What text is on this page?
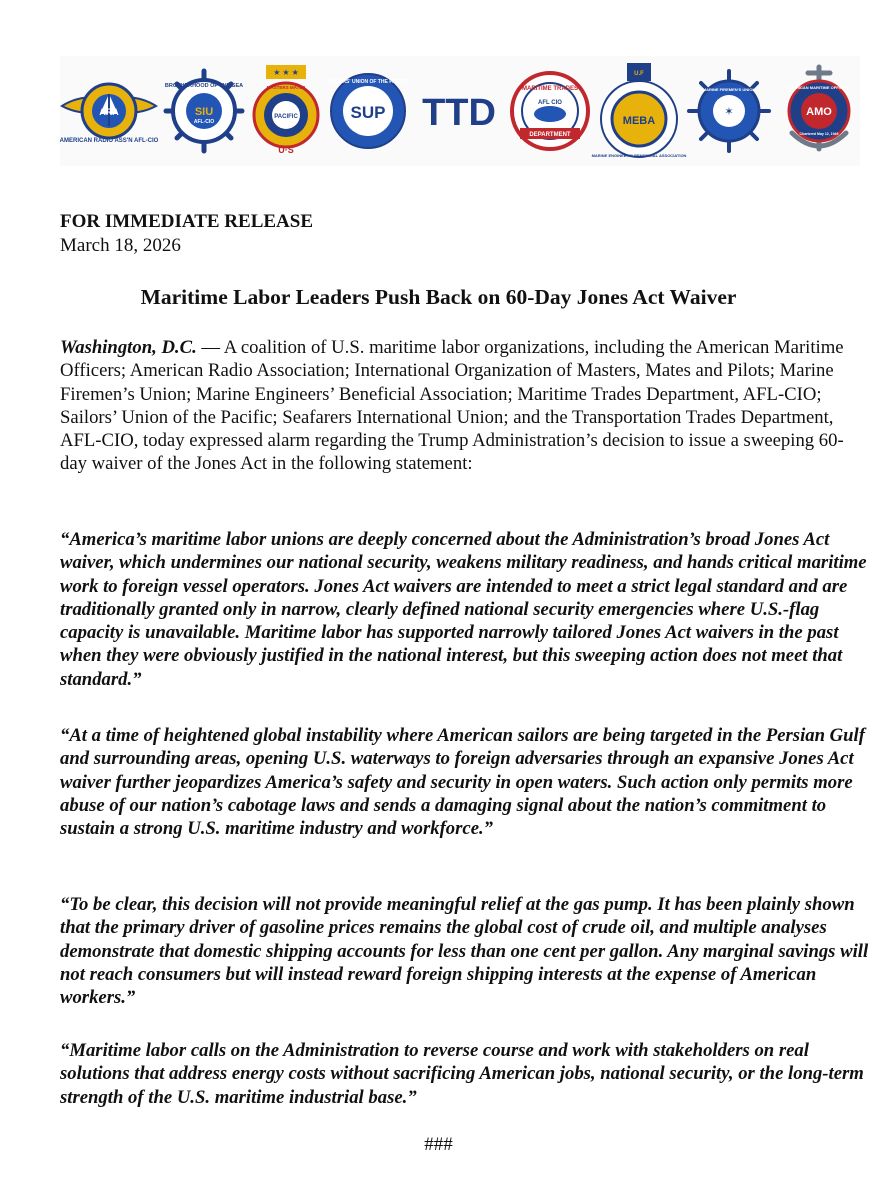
AMERICAN RADIO ASS'N AFL-CIO
ARA
BROTHERHOOD OF THE SEA
SIU
AFL-CIO
★ ★ ★
PACIFIC
MASTERS MATES
U·S
SUP
SAILORS' UNION OF THE PACIFIC
TTD
MARITIME TRADES
AFL CIO
DEPARTMENT
U.F
MEBA
MARINE ENGINEERS' BENEFICIAL ASSOCIATION
✶
MARINE FIREMEN'S UNION
AMO
AMERICAN MARITIME OFFICERS
Chartered May 12, 1949
FOR IMMEDIATE RELEASE
March 18, 2026
Maritime Labor Leaders Push Back on 60-Day Jones Act Waiver
Washington, D.C. — A coalition of U.S. maritime labor organizations, including the American Maritime Officers; American Radio Association; International Organization of Masters, Mates and Pilots; Marine Firemen’s Union; Marine Engineers’ Beneficial Association; Maritime Trades Department, AFL-CIO; Sailors’ Union of the Pacific; Seafarers International Union; and the Transportation Trades Department, AFL-CIO, today expressed alarm regarding the Trump Administration’s decision to issue a sweeping 60-day waiver of the Jones Act in the following statement:
“America’s maritime labor unions are deeply concerned about the Administration’s broad Jones Act waiver, which undermines our national security, weakens military readiness, and hands critical maritime work to foreign vessel operators. Jones Act waivers are intended to meet a strict legal standard and are traditionally granted only in narrow, clearly defined national security emergencies where U.S.-flag capacity is unavailable. Maritime labor has supported narrowly tailored Jones Act waivers in the past when they were obviously justified in the national interest, but this sweeping action does not meet that standard.”
“At a time of heightened global instability where American sailors are being targeted in the Persian Gulf and surrounding areas, opening U.S. waterways to foreign adversaries through an expansive Jones Act waiver further jeopardizes America’s safety and security in open waters. Such action only permits more abuse of our nation’s cabotage laws and sends a damaging signal about the nation’s commitment to sustain a strong U.S. maritime industry and workforce.”
“To be clear, this decision will not provide meaningful relief at the gas pump. It has been plainly shown that the primary driver of gasoline prices remains the global cost of crude oil, and multiple analyses demonstrate that domestic shipping accounts for less than one cent per gallon. Any marginal savings will not reach consumers but will instead reward foreign shipping interests at the expense of American workers.”
“Maritime labor calls on the Administration to reverse course and work with stakeholders on real solutions that address energy costs without sacrificing American jobs, national security, or the long-term strength of the U.S. maritime industrial base.”
###
